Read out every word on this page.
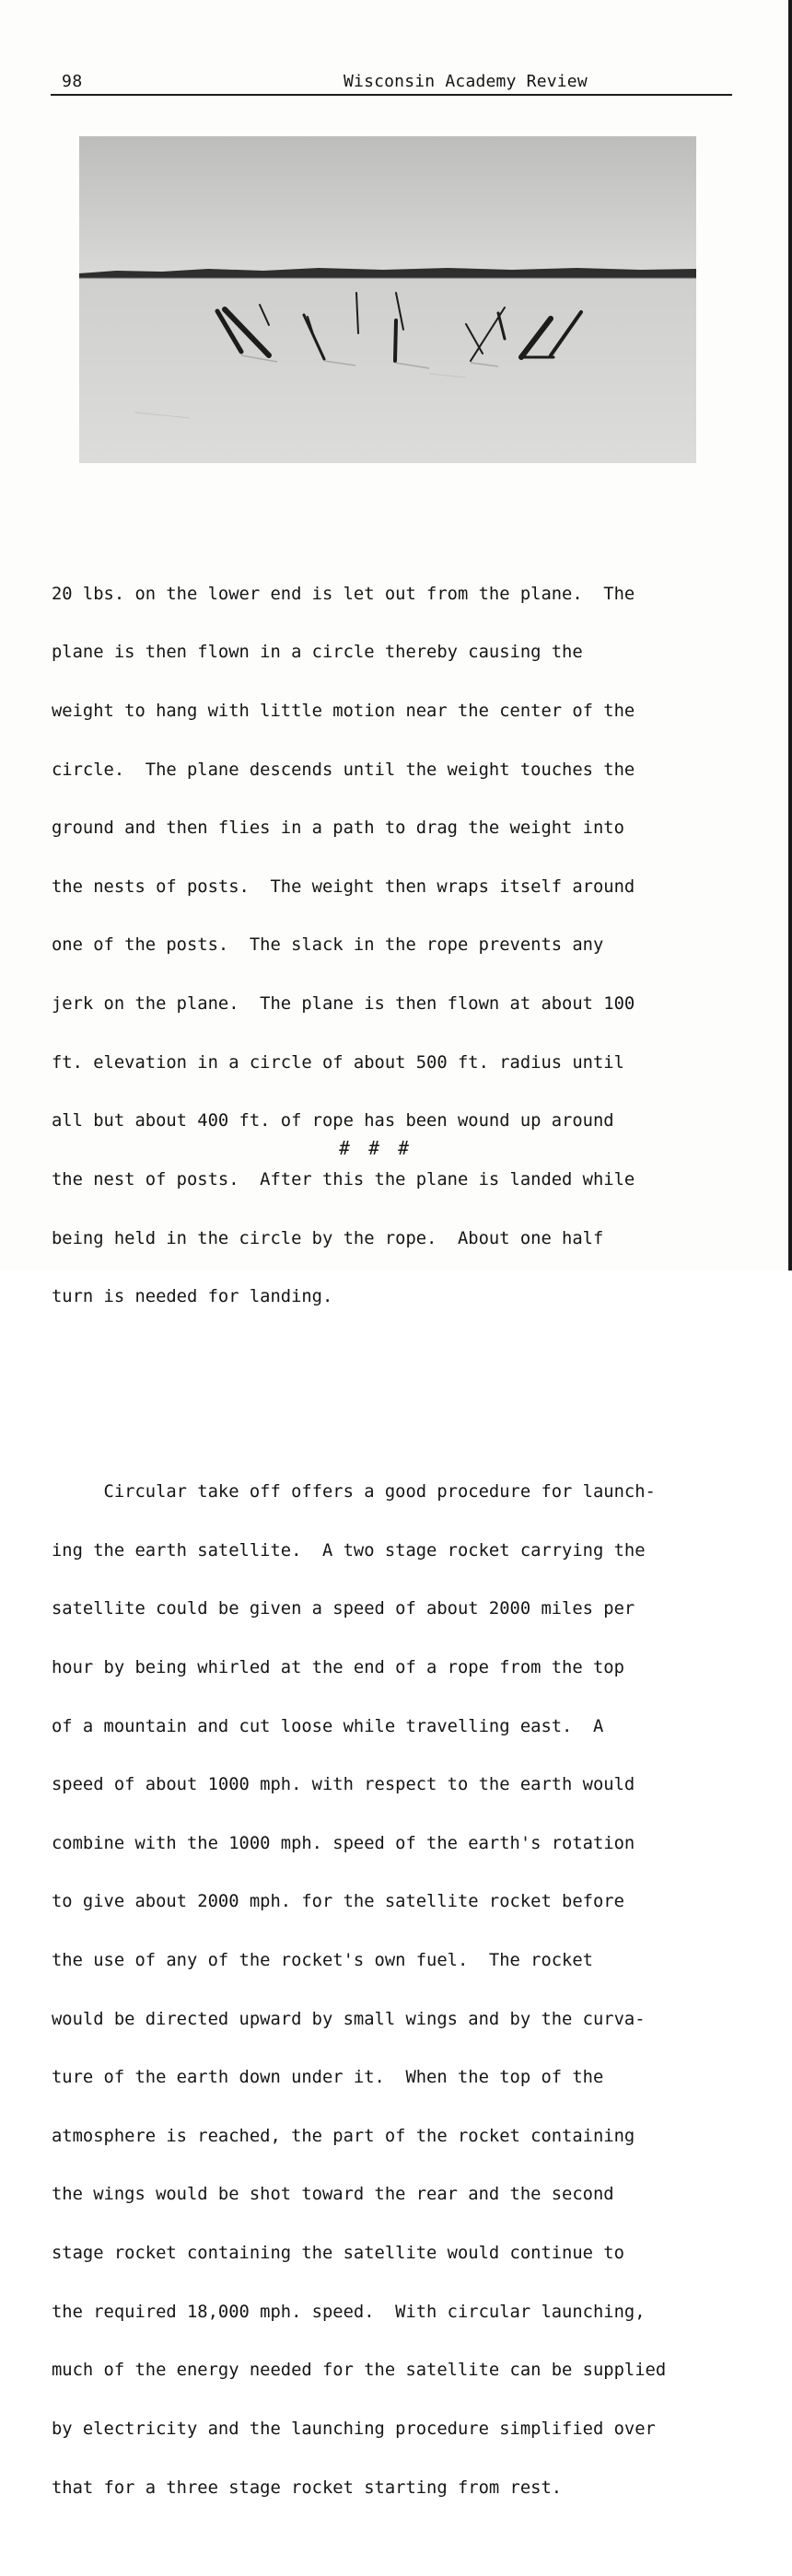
98	Wisconsin Academy Review

20 lbs. on the lower end is let out from the plane.  The

plane is then flown in a circle thereby causing the

weight to hang with little motion near the center of the

circle.  The plane descends until the weight touches the

ground and then flies in a path to drag the weight into

the nests of posts.  The weight then wraps itself around

one of the posts.  The slack in the rope prevents any

jerk on the plane.  The plane is then flown at about 100

ft. elevation in a circle of about 500 ft. radius until

all but about 400 ft. of rope has been wound up around

the nest of posts.  After this the plane is landed while

being held in the circle by the rope.  About one half

turn is needed for landing.

Circular take off offers a good procedure for launch-

ing the earth satellite.  A two stage rocket carrying the

satellite could be given a speed of about 2000 miles per

hour by being whirled at the end of a rope from the top

of a mountain and cut loose while travelling east.  A

speed of about 1000 mph. with respect to the earth would

combine with the 1000 mph. speed of the earth's rotation

to give about 2000 mph. for the satellite rocket before

the use of any of the rocket's own fuel.  The rocket

would be directed upward by small wings and by the curva-

ture of the earth down under it.  When the top of the

atmosphere is reached, the part of the rocket containing

the wings would be shot toward the rear and the second

stage rocket containing the satellite would continue to

the required 18,000 mph. speed.  With circular launching,

much of the energy needed for the satellite can be supplied

by electricity and the launching procedure simplified over

that for a three stage rocket starting from rest.

# # #
